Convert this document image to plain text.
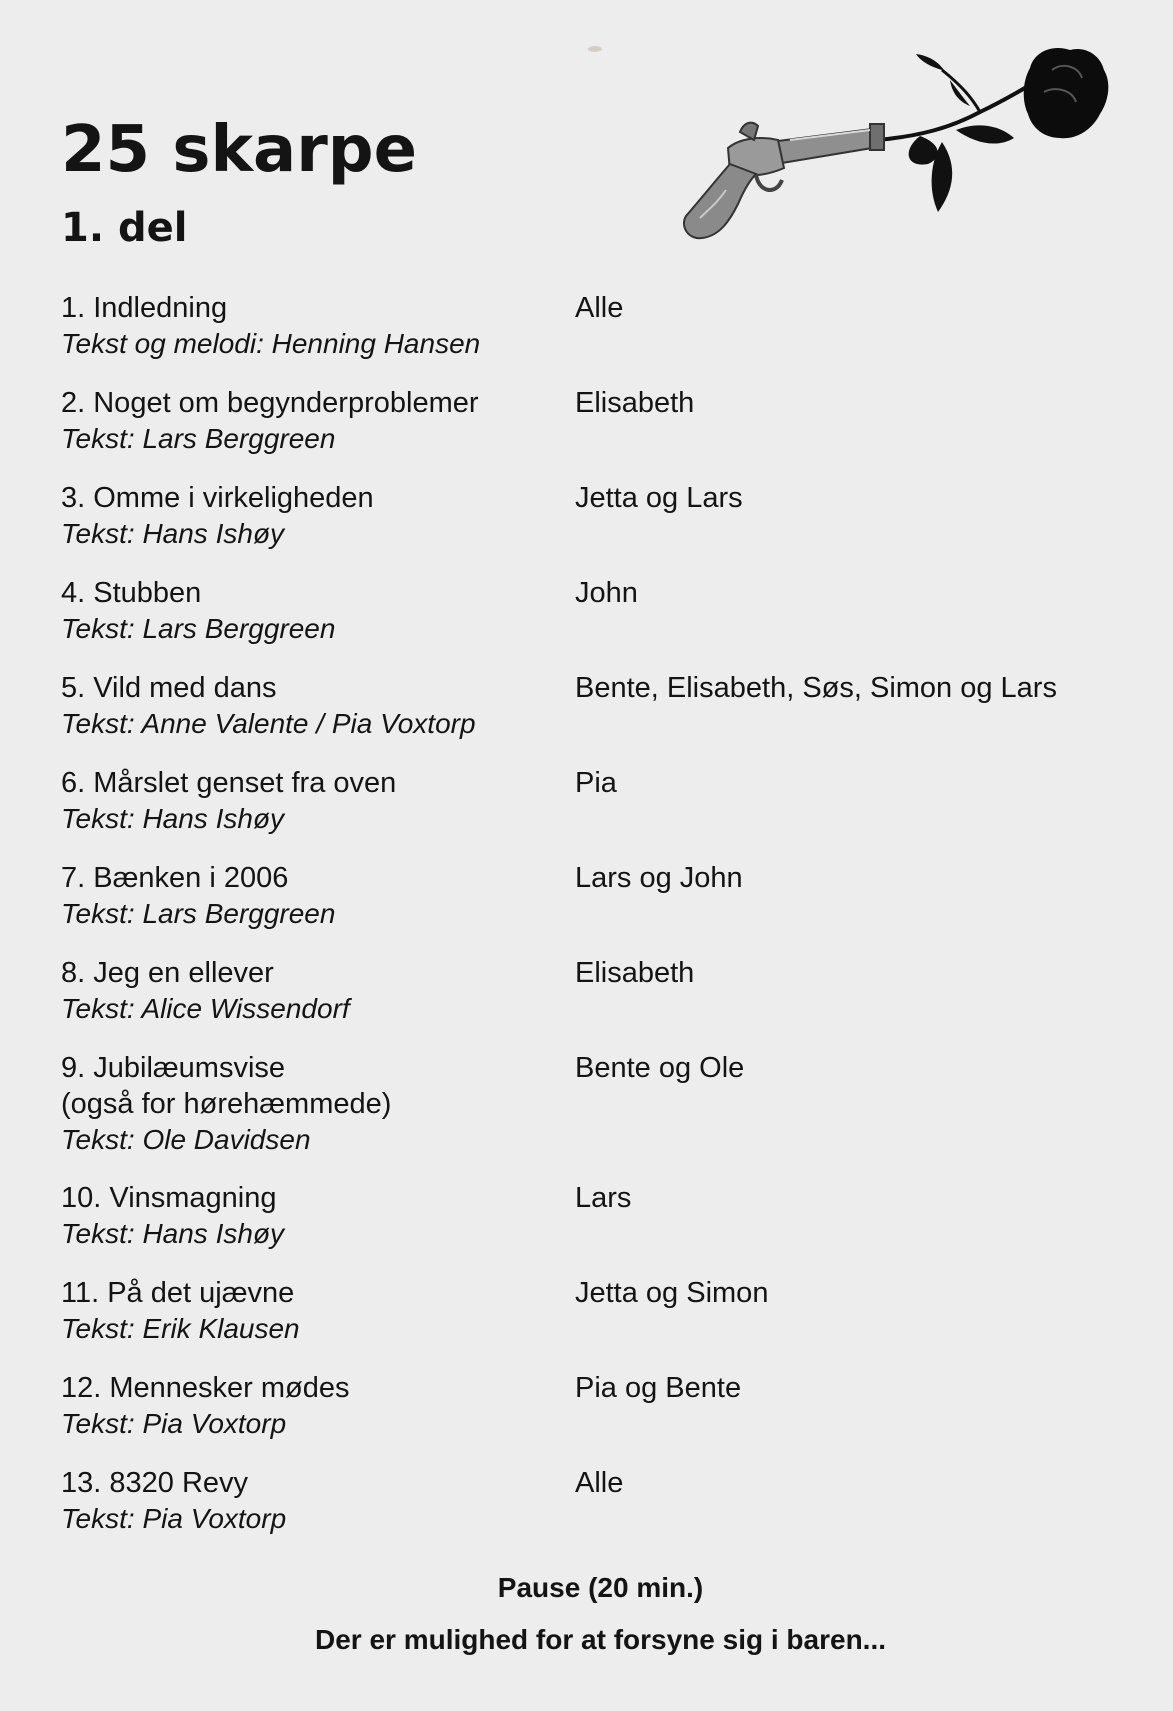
25 skarpe
1. del
1. Indledning
Tekst og melodi: Henning Hansen
Alle
2. Noget om begynderproblemer
Tekst: Lars Berggreen
Elisabeth
3. Omme i virkeligheden
Tekst: Hans Ishøy
Jetta og Lars
4. Stubben
Tekst: Lars Berggreen
John
5. Vild med dans
Tekst: Anne Valente / Pia Voxtorp
Bente, Elisabeth, Søs, Simon og Lars
6. Mårslet genset fra oven
Tekst: Hans Ishøy
Pia
7. Bænken i 2006
Tekst: Lars Berggreen
Lars og John
8. Jeg en ellever
Tekst: Alice Wissendorf
Elisabeth
9. Jubilæumsvise
(også for hørehæmmede)
Tekst: Ole Davidsen
Bente og Ole
10. Vinsmagning
Tekst: Hans Ishøy
Lars
11. På det ujævne
Tekst: Erik Klausen
Jetta og Simon
12. Mennesker mødes
Tekst: Pia Voxtorp
Pia og Bente
13. 8320 Revy
Tekst: Pia Voxtorp
Alle
Pause (20 min.)
Der er mulighed for at forsyne sig i baren...
